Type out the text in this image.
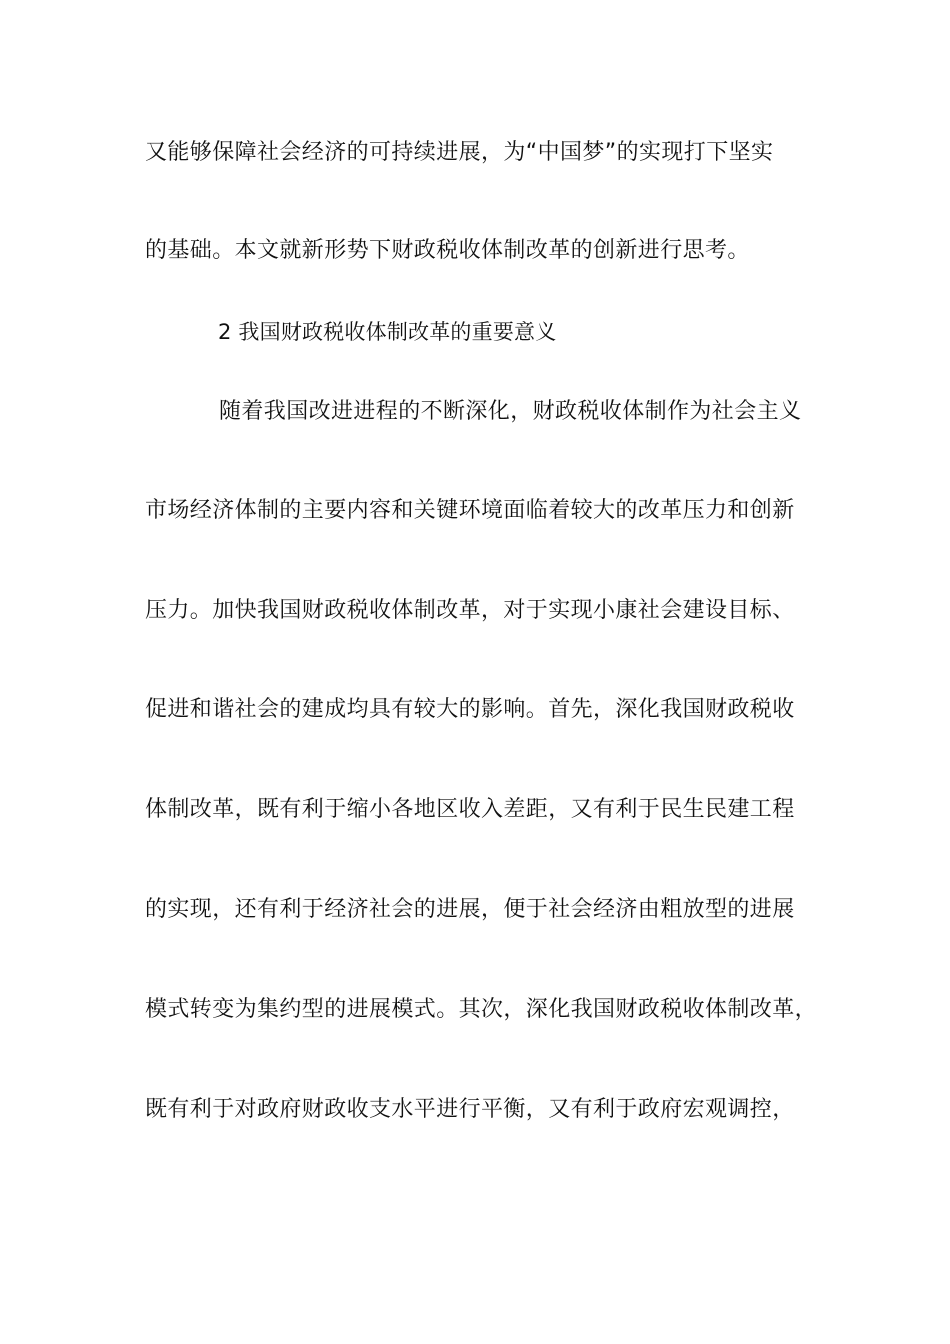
又能够保障社会经济的可持续进展，为“中国梦”的实现打下坚实
的基础。本文就新形势下财政税收体制改革的创新进行思考。
2 我国财政税收体制改革的重要意义
随着我国改进进程的不断深化，财政税收体制作为社会主义
市场经济体制的主要内容和关键环境面临着较大的改革压力和创新
压力。加快我国财政税收体制改革，对于实现小康社会建设目标、
促进和谐社会的建成均具有较大的影响。首先，深化我国财政税收
体制改革，既有利于缩小各地区收入差距，又有利于民生民建工程
的实现，还有利于经济社会的进展，便于社会经济由粗放型的进展
模式转变为集约型的进展模式。其次，深化我国财政税收体制改革，
既有利于对政府财政收支水平进行平衡，又有利于政府宏观调控，
